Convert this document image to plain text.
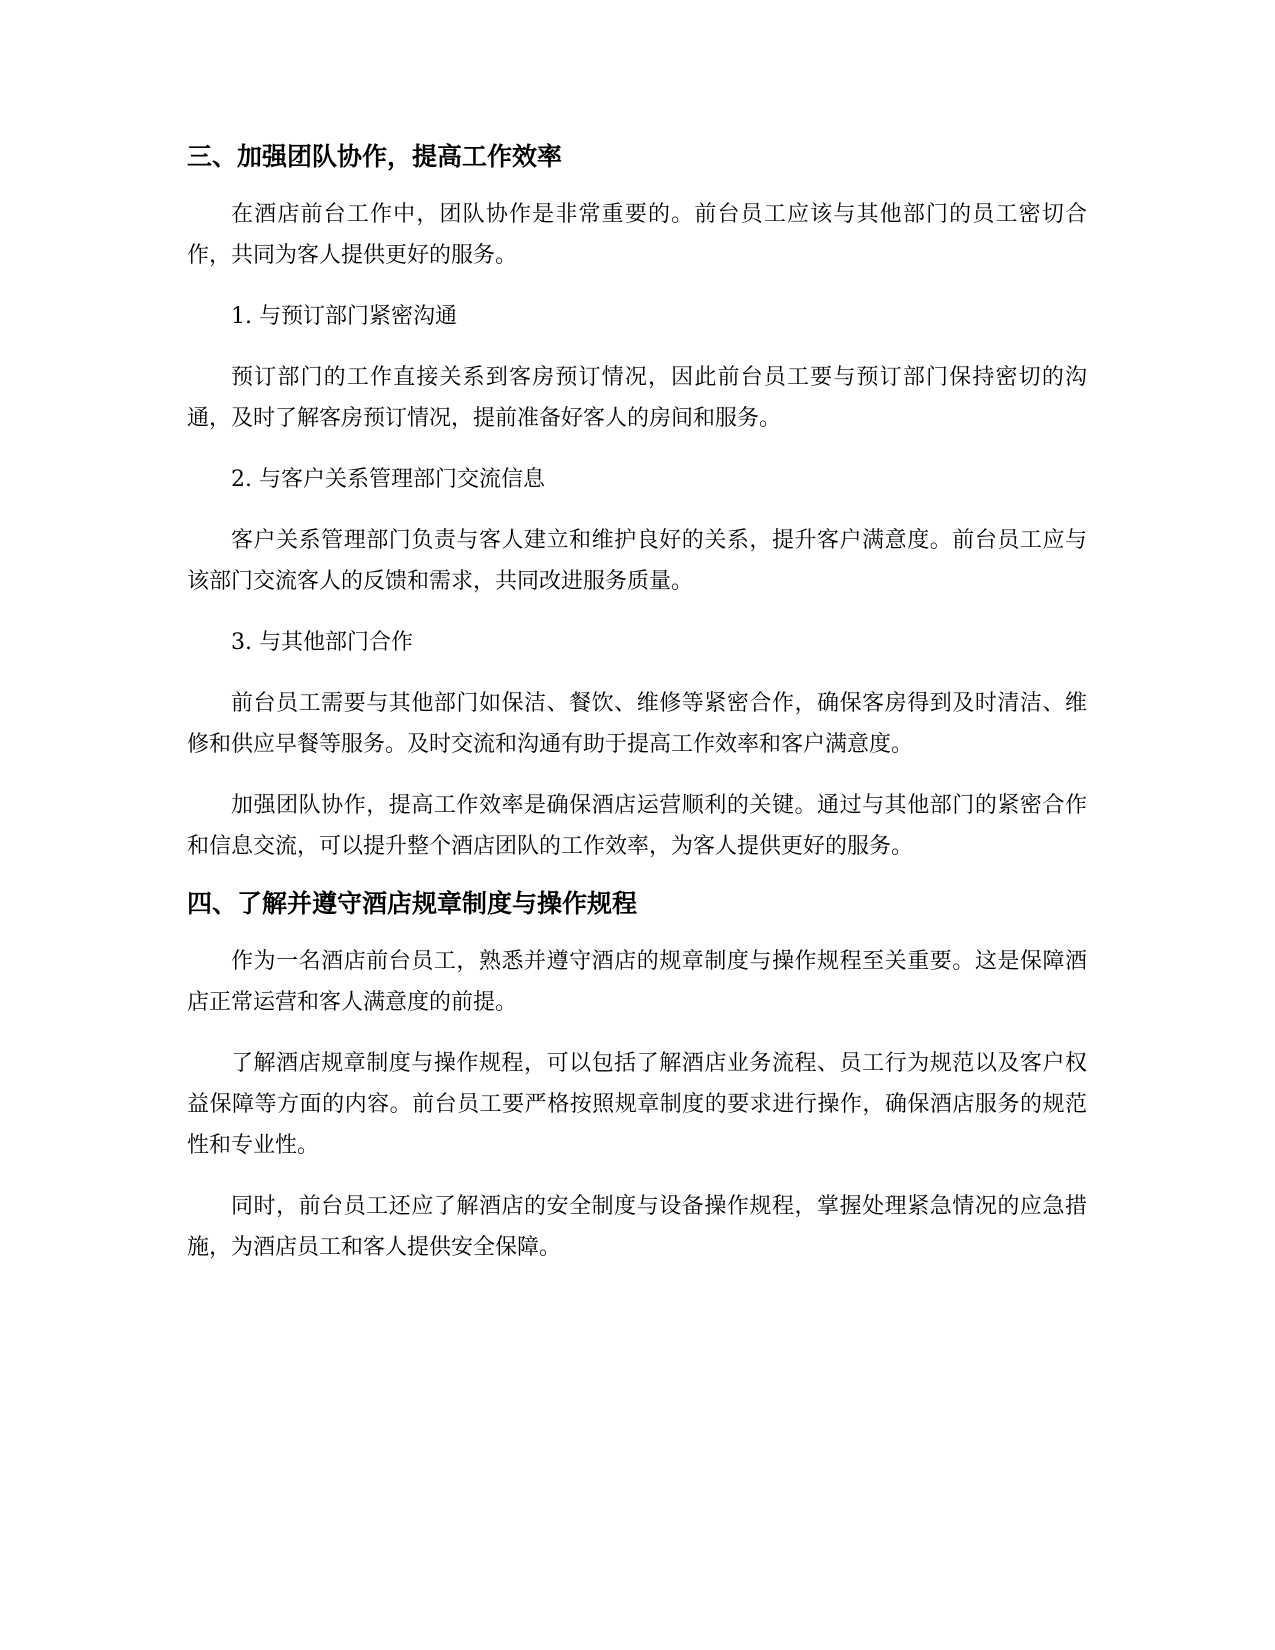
三、加强团队协作，提高工作效率

在酒店前台工作中，团队协作是非常重要的。前台员工应该与其他部门的员工密切合作，共同为客人提供更好的服务。

1. 与预订部门紧密沟通

预订部门的工作直接关系到客房预订情况，因此前台员工要与预订部门保持密切的沟通，及时了解客房预订情况，提前准备好客人的房间和服务。

2. 与客户关系管理部门交流信息

客户关系管理部门负责与客人建立和维护良好的关系，提升客户满意度。前台员工应与该部门交流客人的反馈和需求，共同改进服务质量。

3. 与其他部门合作

前台员工需要与其他部门如保洁、餐饮、维修等紧密合作，确保客房得到及时清洁、维修和供应早餐等服务。及时交流和沟通有助于提高工作效率和客户满意度。

加强团队协作，提高工作效率是确保酒店运营顺利的关键。通过与其他部门的紧密合作和信息交流，可以提升整个酒店团队的工作效率，为客人提供更好的服务。

四、了解并遵守酒店规章制度与操作规程

作为一名酒店前台员工，熟悉并遵守酒店的规章制度与操作规程至关重要。这是保障酒店正常运营和客人满意度的前提。

了解酒店规章制度与操作规程，可以包括了解酒店业务流程、员工行为规范以及客户权益保障等方面的内容。前台员工要严格按照规章制度的要求进行操作，确保酒店服务的规范性和专业性。

同时，前台员工还应了解酒店的安全制度与设备操作规程，掌握处理紧急情况的应急措施，为酒店员工和客人提供安全保障。
